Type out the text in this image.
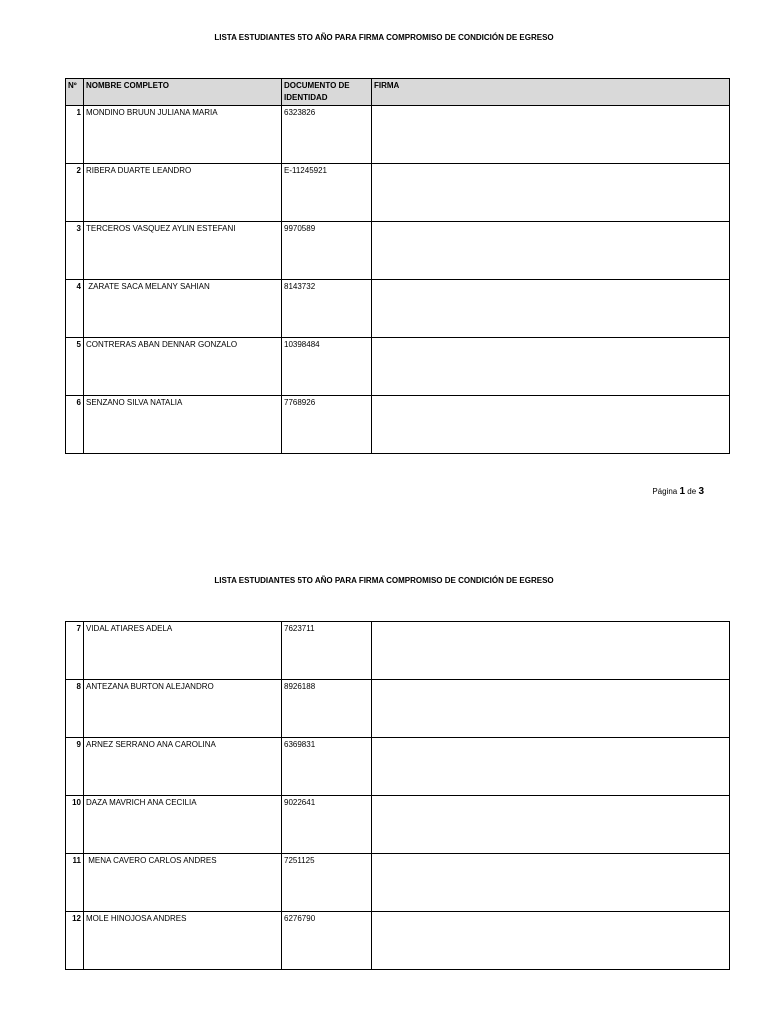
LISTA ESTUDIANTES 5TO AÑO PARA FIRMA COMPROMISO DE CONDICIÓN DE EGRESO
Nº	NOMBRE COMPLETO	DOCUMENTO DE IDENTIDAD	FIRMA
1	MONDINO BRUUN JULIANA MARIA	6323826	
2	RIBERA DUARTE LEANDRO	E-11245921	
3	TERCEROS VASQUEZ AYLIN ESTEFANI	9970589	
4	ZARATE SACA MELANY SAHIAN	8143732	
5	CONTRERAS ABAN DENNAR GONZALO	10398484	
6	SENZANO SILVA NATALIA	7768926	
Página 1 de 3
LISTA ESTUDIANTES 5TO AÑO PARA FIRMA COMPROMISO DE CONDICIÓN DE EGRESO
7	VIDAL ATIARES ADELA	7623711	
8	ANTEZANA BURTON ALEJANDRO	8926188	
9	ARNEZ SERRANO ANA CAROLINA	6369831	
10	DAZA MAVRICH ANA CECILIA	9022641	
11	MENA CAVERO CARLOS ANDRES	7251125	
12	MOLE HINOJOSA ANDRES	6276790	
